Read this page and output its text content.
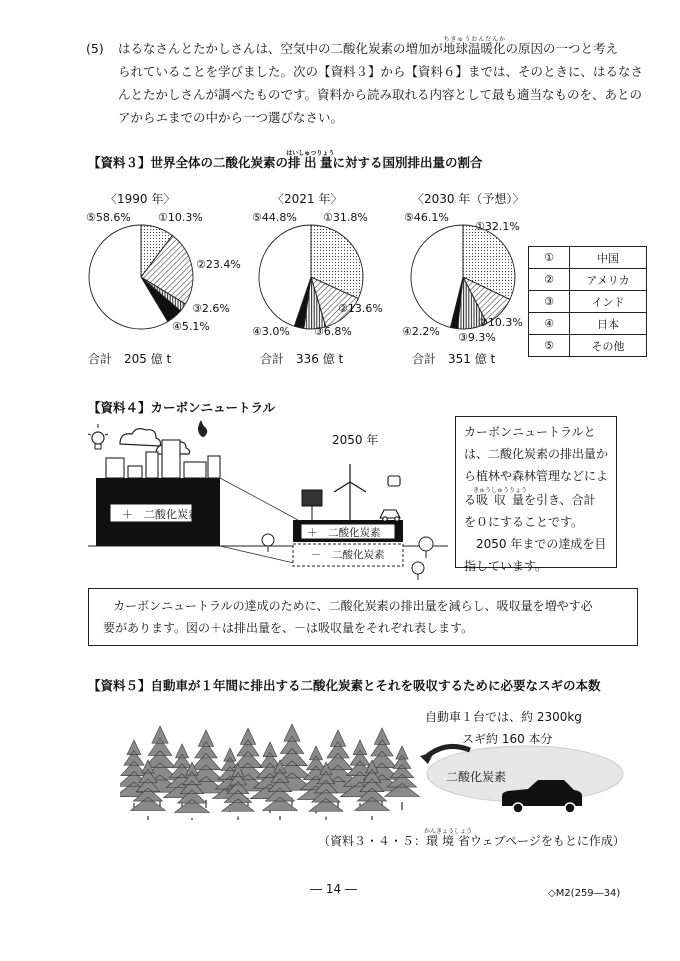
(5) はるなさんとたかしさんは、空気中の二酸化炭素の増加が地球温暖化ちきゅうおんだんかの原因の一つと考え

られていることを学びました。次の【資料３】から【資料６】までは、そのときに、はるなさ

んとたかしさんが調べたものです。資料から読み取れる内容として最も適当なものを、あとの

アからエまでの中から一つ選びなさい。

【資料３】世界全体の二酸化炭素の排出量はいしゅつりょうに対する国別排出量の割合
〈1990 年〉
⑤58.6% ①10.3%
②23.4%
③2.6%
④5.1%
合計　205 億 t
〈2021 年〉
⑤44.8% ①31.8%
②13.6%
③6.8%
④3.0%
合計　336 億 t
〈2030 年（予想）〉
⑤46.1%
①32.1%
②10.3%
③9.3%
④2.2%
合計　351 億 t
①	中国
②	アメリカ
③	インド
④	日本
⑤	その他
【資料４】カーボンニュートラル
2050 年
＋　二酸化炭素
＋　二酸化炭素
－　二酸化炭素
カーボンニュートラルと
は、二酸化炭素の排出量か
ら植林や森林管理などによ
る吸収量きゅうしゅうりょうを引き、合計
を０にすることです。
2050 年までの達成を目
指しています。
カーボンニュートラルの達成のために、二酸化炭素の排出量を減らし、吸収量を増やす必
要があります。図の＋は排出量を、－は吸収量をそれぞれ表します。
【資料５】自動車が１年間に排出する二酸化炭素とそれを吸収するために必要なスギの本数
自動車１台では、約 2300kg
スギ約 160 本分
二酸化炭素
（資料３・４・５：環境省かんきょうしょうウェブページをもとに作成）
― 14 ―	◇M2(259―34)
